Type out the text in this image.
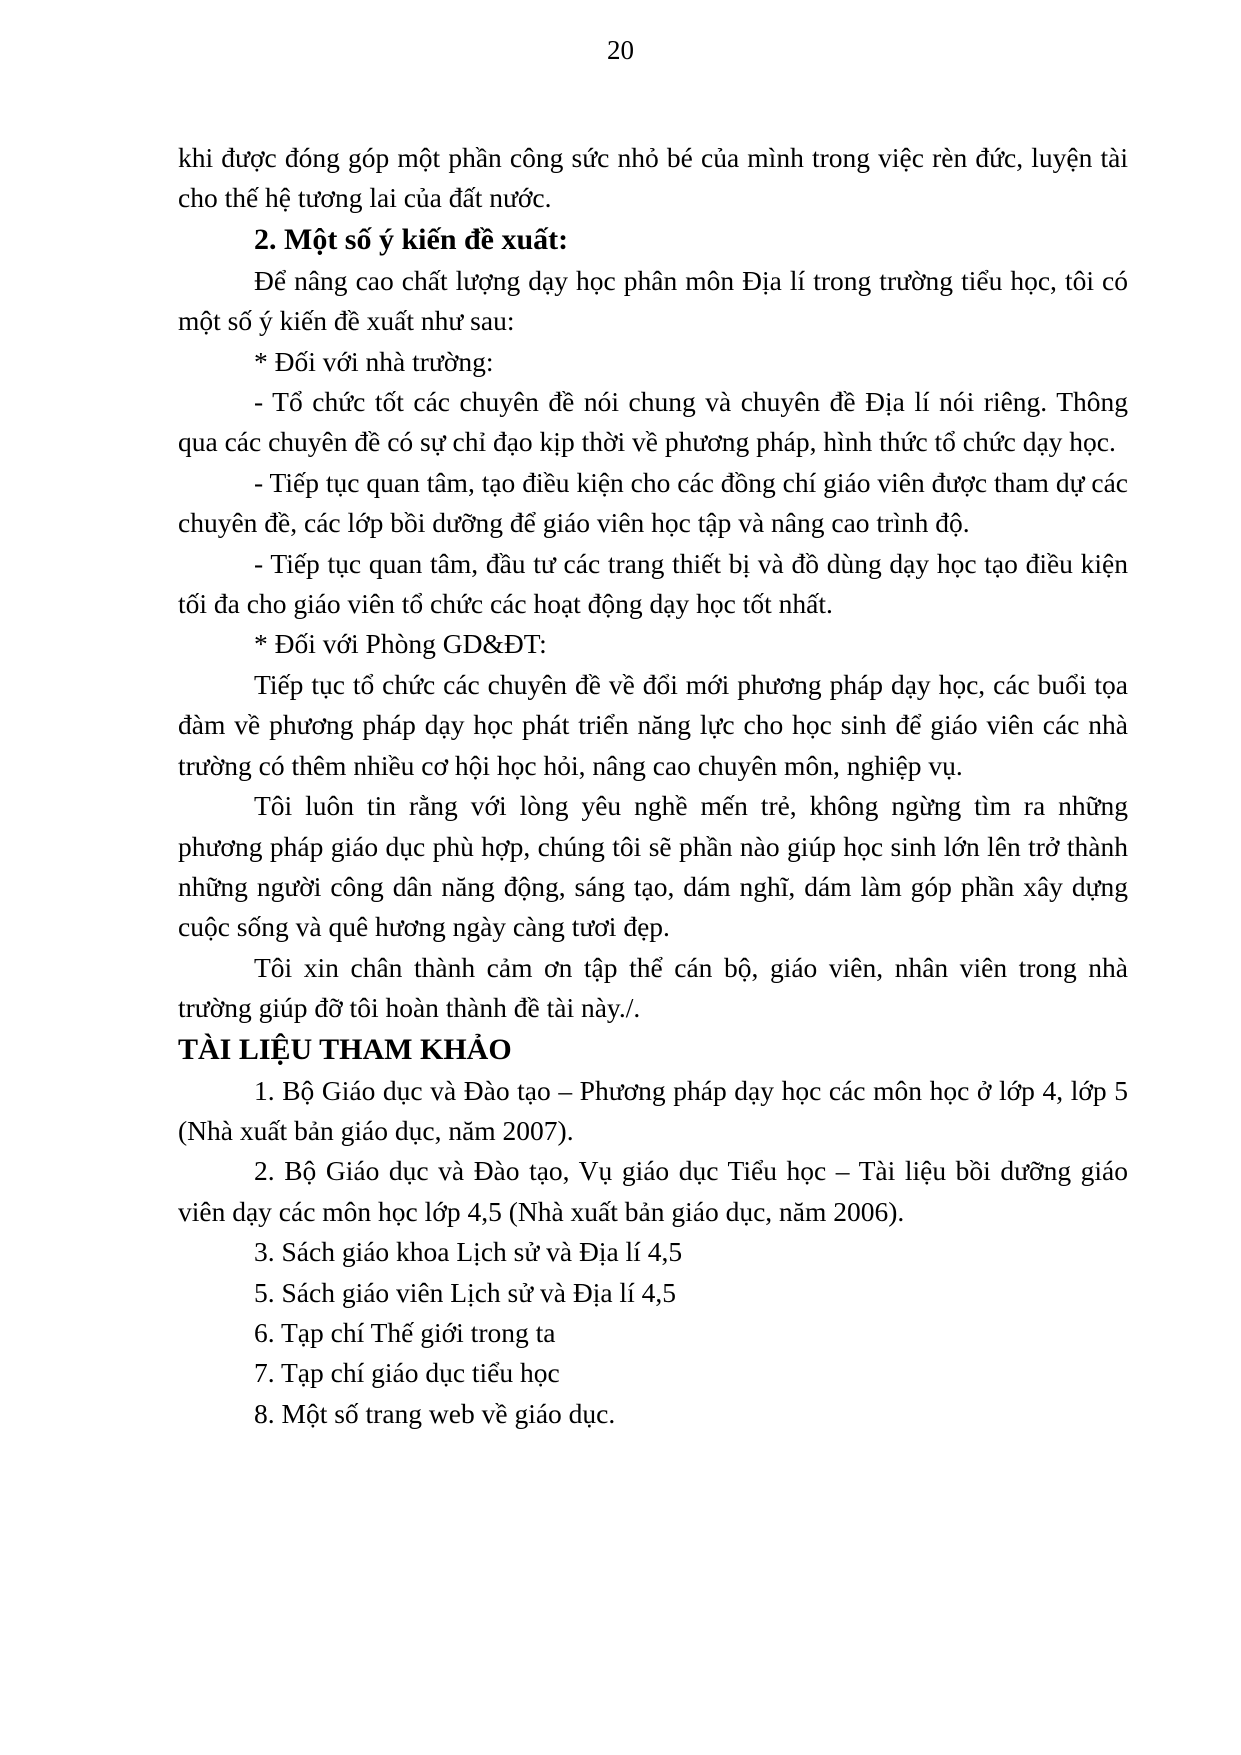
20

khi được đóng góp một phần công sức nhỏ bé của mình trong việc rèn đức, luyện tài cho thế hệ tương lai của đất nước.

2. Một số ý kiến đề xuất:

Để nâng cao chất lượng dạy học phân môn Địa lí trong trường tiểu học, tôi có một số ý kiến đề xuất như sau:

* Đối với nhà trường:

- Tổ chức tốt các chuyên đề nói chung và chuyên đề Địa lí nói riêng. Thông qua các chuyên đề có sự chỉ đạo kịp thời về phương pháp, hình thức tổ chức dạy học.

- Tiếp tục quan tâm, tạo điều kiện cho các đồng chí giáo viên được tham dự các chuyên đề, các lớp bồi dưỡng để giáo viên học tập và nâng cao trình độ.

- Tiếp tục quan tâm, đầu tư các trang thiết bị và đồ dùng dạy học tạo điều kiện tối đa cho giáo viên tổ chức các hoạt động dạy học tốt nhất.

* Đối với Phòng GD&ĐT:

Tiếp tục tổ chức các chuyên đề về đổi mới phương pháp dạy học, các buổi tọa đàm về phương pháp dạy học phát triển năng lực cho học sinh để giáo viên các nhà trường có thêm nhiều cơ hội học hỏi, nâng cao chuyên môn, nghiệp vụ.

Tôi luôn tin rằng với lòng yêu nghề mến trẻ, không ngừng tìm ra những phương pháp giáo dục phù hợp, chúng tôi sẽ phần nào giúp học sinh lớn lên trở thành những người công dân năng động, sáng tạo, dám nghĩ, dám làm góp phần xây dựng cuộc sống và quê hương ngày càng tươi đẹp.

Tôi xin chân thành cảm ơn tập thể cán bộ, giáo viên, nhân viên trong nhà trường giúp đỡ tôi hoàn thành đề tài này./.

TÀI LIỆU THAM KHẢO

1. Bộ Giáo dục và Đào tạo – Phương pháp dạy học các môn học ở lớp 4, lớp 5 (Nhà xuất bản giáo dục, năm 2007).

2. Bộ Giáo dục và Đào tạo, Vụ giáo dục Tiểu học – Tài liệu bồi dưỡng giáo viên dạy các môn học lớp 4,5 (Nhà xuất bản giáo dục, năm 2006).

3. Sách giáo khoa Lịch sử và Địa lí 4,5

5. Sách giáo viên Lịch sử và Địa lí 4,5

6. Tạp chí Thế giới trong ta

7. Tạp chí giáo dục tiểu học

8. Một số trang web về giáo dục.
